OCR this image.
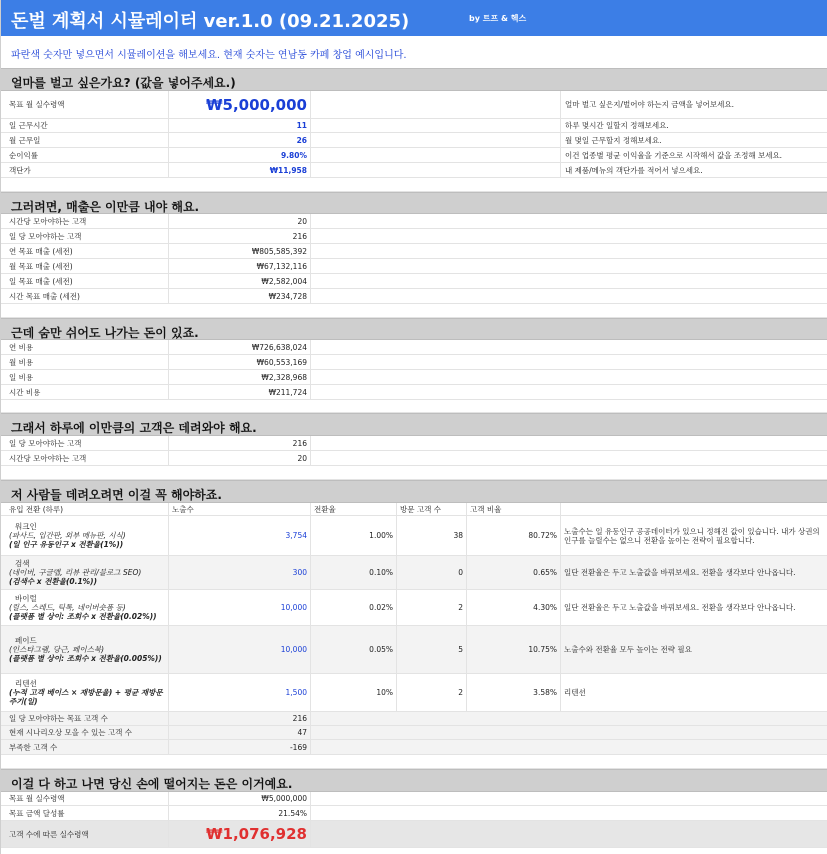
돈벌 계획서 시뮬레이터 ver.1.0 (09.21.2025)	by 트프 & 헥스
파란색 숫자만 넣으면서 시뮬레이션을 해보세요. 현재 숫자는 연남동 카페 창업 예시입니다.
얼마를 벌고 싶은가요? (값을 넣어주세요.)
목표 월 실수령액	₩5,000,000	얼마 벌고 싶은지/벌어야 하는지 금액을 넣어보세요.
일 근무시간	11	하루 몇시간 일할지 정해보세요.
월 근무일	26	월 몇일 근무할지 정해보세요.
순이익률	9.80%	이건 업종별 평균 이익율을 기준으로 시작해서 값을 조정해 보세요.
객단가	₩11,958	내 제품/메뉴의 객단가를 적어서 넣으세요.
그러려면, 매출은 이만큼 내야 해요.
시간당 모아야하는 고객	20
일 당 모아야하는 고객	216
연 목표 매출 (세전)	₩805,585,392
월 목표 매출 (세전)	₩67,132,116
일 목표 매출 (세전)	₩2,582,004
시간 목표 매출 (세전)	₩234,728
근데 숨만 쉬어도 나가는 돈이 있죠.
연 비용	₩726,638,024
월 비용	₩60,553,169
일 비용	₩2,328,968
시간 비용	₩211,724
그래서 하루에 이만큼의 고객은 데려와야 해요.
일 당 모아야하는 고객	216
시간당 모아야하는 고객	20
저 사람들 데려오려면 이걸 꼭 해야하죠.
유입 전환 (하루)	노출수	전환율	방문 고객 수	고객 비율
워크인
(파사드, 입간판, 외부 메뉴판, 시식)
(일 인구 유동인구 x 전환율(1%))
3,754	1.00%	38	80.72% 노출수는 일 유동인구 공공데이터가 있으니 정해진 값이 있습니다. 내가 상권의 인구를 늘릴수는 없으니 전환을 높이는 전략이 필요합니다.
검색
(네이버, 구글맵, 리뷰 관리/블로그 SEO)
(검색수 x 전환율(0.1%))
300	0.10%	0	0.65% 일단 전환율은 두고 노출값을 바꿔보세요. 전환을 생각보다 안나옵니다.
바이럴
(릴스, 스레드, 틱톡, 네이버숏폼 등)
(플랫폼 별 상이: 조회수 x 전환율(0.02%))
10,000	0.02%	2	4.30% 일단 전환율은 두고 노출값을 바꿔보세요. 전환을 생각보다 안나옵니다.
페이드
(인스타그램, 당근, 페이스북)
(플랫폼 별 상이: 조회수 x 전환율(0.005%))
10,000	0.05%	5	10.75% 노출수와 전환율 모두 높이는 전략 필요
리텐션
(누적 고객 베이스 × 재방문율) + 평균 재방문 주기(일)
1,500	10%	2	3.58% 리텐션
일 당 모아야하는 목표 고객 수	216
현재 시나리오상 모을 수 있는 고객 수	47
부족한 고객 수	-169
이걸 다 하고 나면 당신 손에 떨어지는 돈은 이거예요.
목표 월 실수령액	₩5,000,000
목표 금액 달성률	21.54%
고객 수에 따른 실수령액	₩1,076,928
